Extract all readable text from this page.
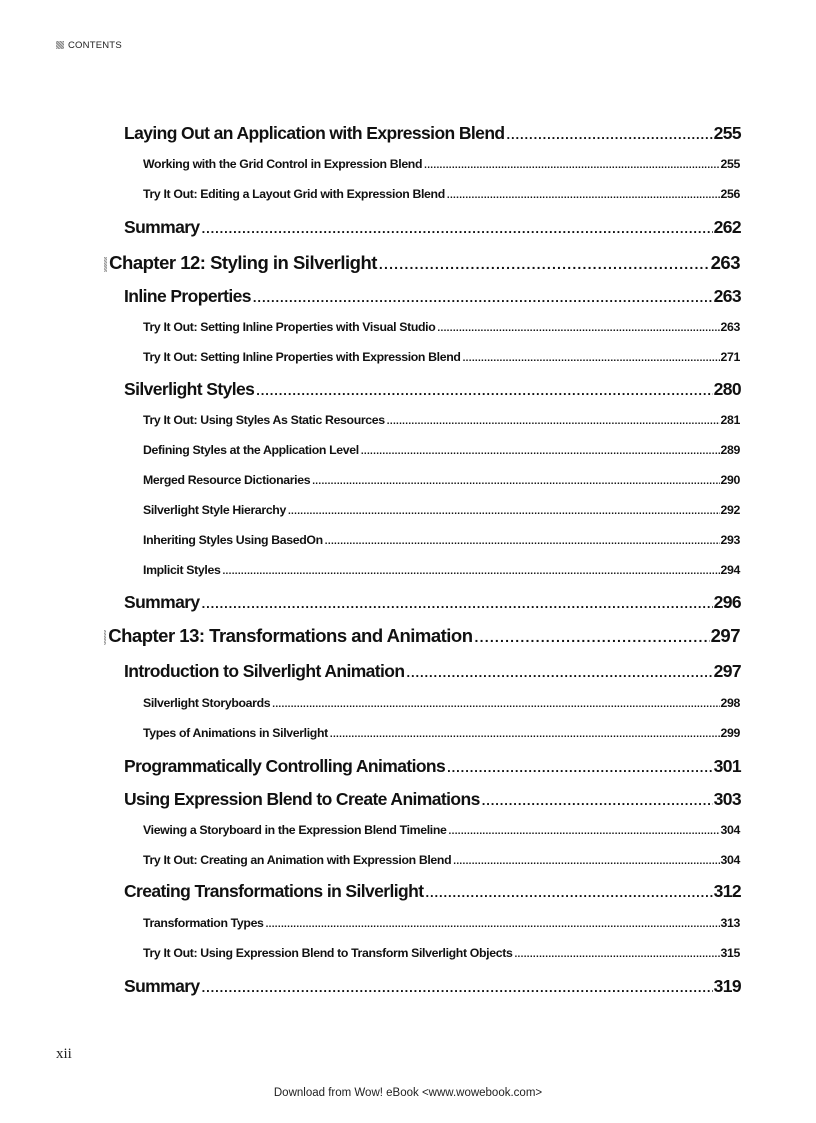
CONTENTS
Laying Out an Application with Expression Blend .....	255
Working with the Grid Control in Expression Blend .....	255
Try It Out: Editing a Layout Grid with Expression Blend .....	256
Summary .....	262
Chapter 12: Styling in Silverlight .....	263
Inline Properties .....	263
Try It Out: Setting Inline Properties with Visual Studio .....	263
Try It Out: Setting Inline Properties with Expression Blend .....	271
Silverlight Styles .....	280
Try It Out: Using Styles As Static Resources .....	281
Defining Styles at the Application Level .....	289
Merged Resource Dictionaries .....	290
Silverlight Style Hierarchy .....	292
Inheriting Styles Using BasedOn .....	293
Implicit Styles .....	294
Summary .....	296
Chapter 13: Transformations and Animation .....	297
Introduction to Silverlight Animation .....	297
Silverlight Storyboards .....	298
Types of Animations in Silverlight .....	299
Programmatically Controlling Animations .....	301
Using Expression Blend to Create Animations .....	303
Viewing a Storyboard in the Expression Blend Timeline .....	304
Try It Out: Creating an Animation with Expression Blend .....	304
Creating Transformations in Silverlight .....	312
Transformation Types .....	313
Try It Out: Using Expression Blend to Transform Silverlight Objects .....	315
Summary .....	319
xii
Download from Wow! eBook <www.wowebook.com>
